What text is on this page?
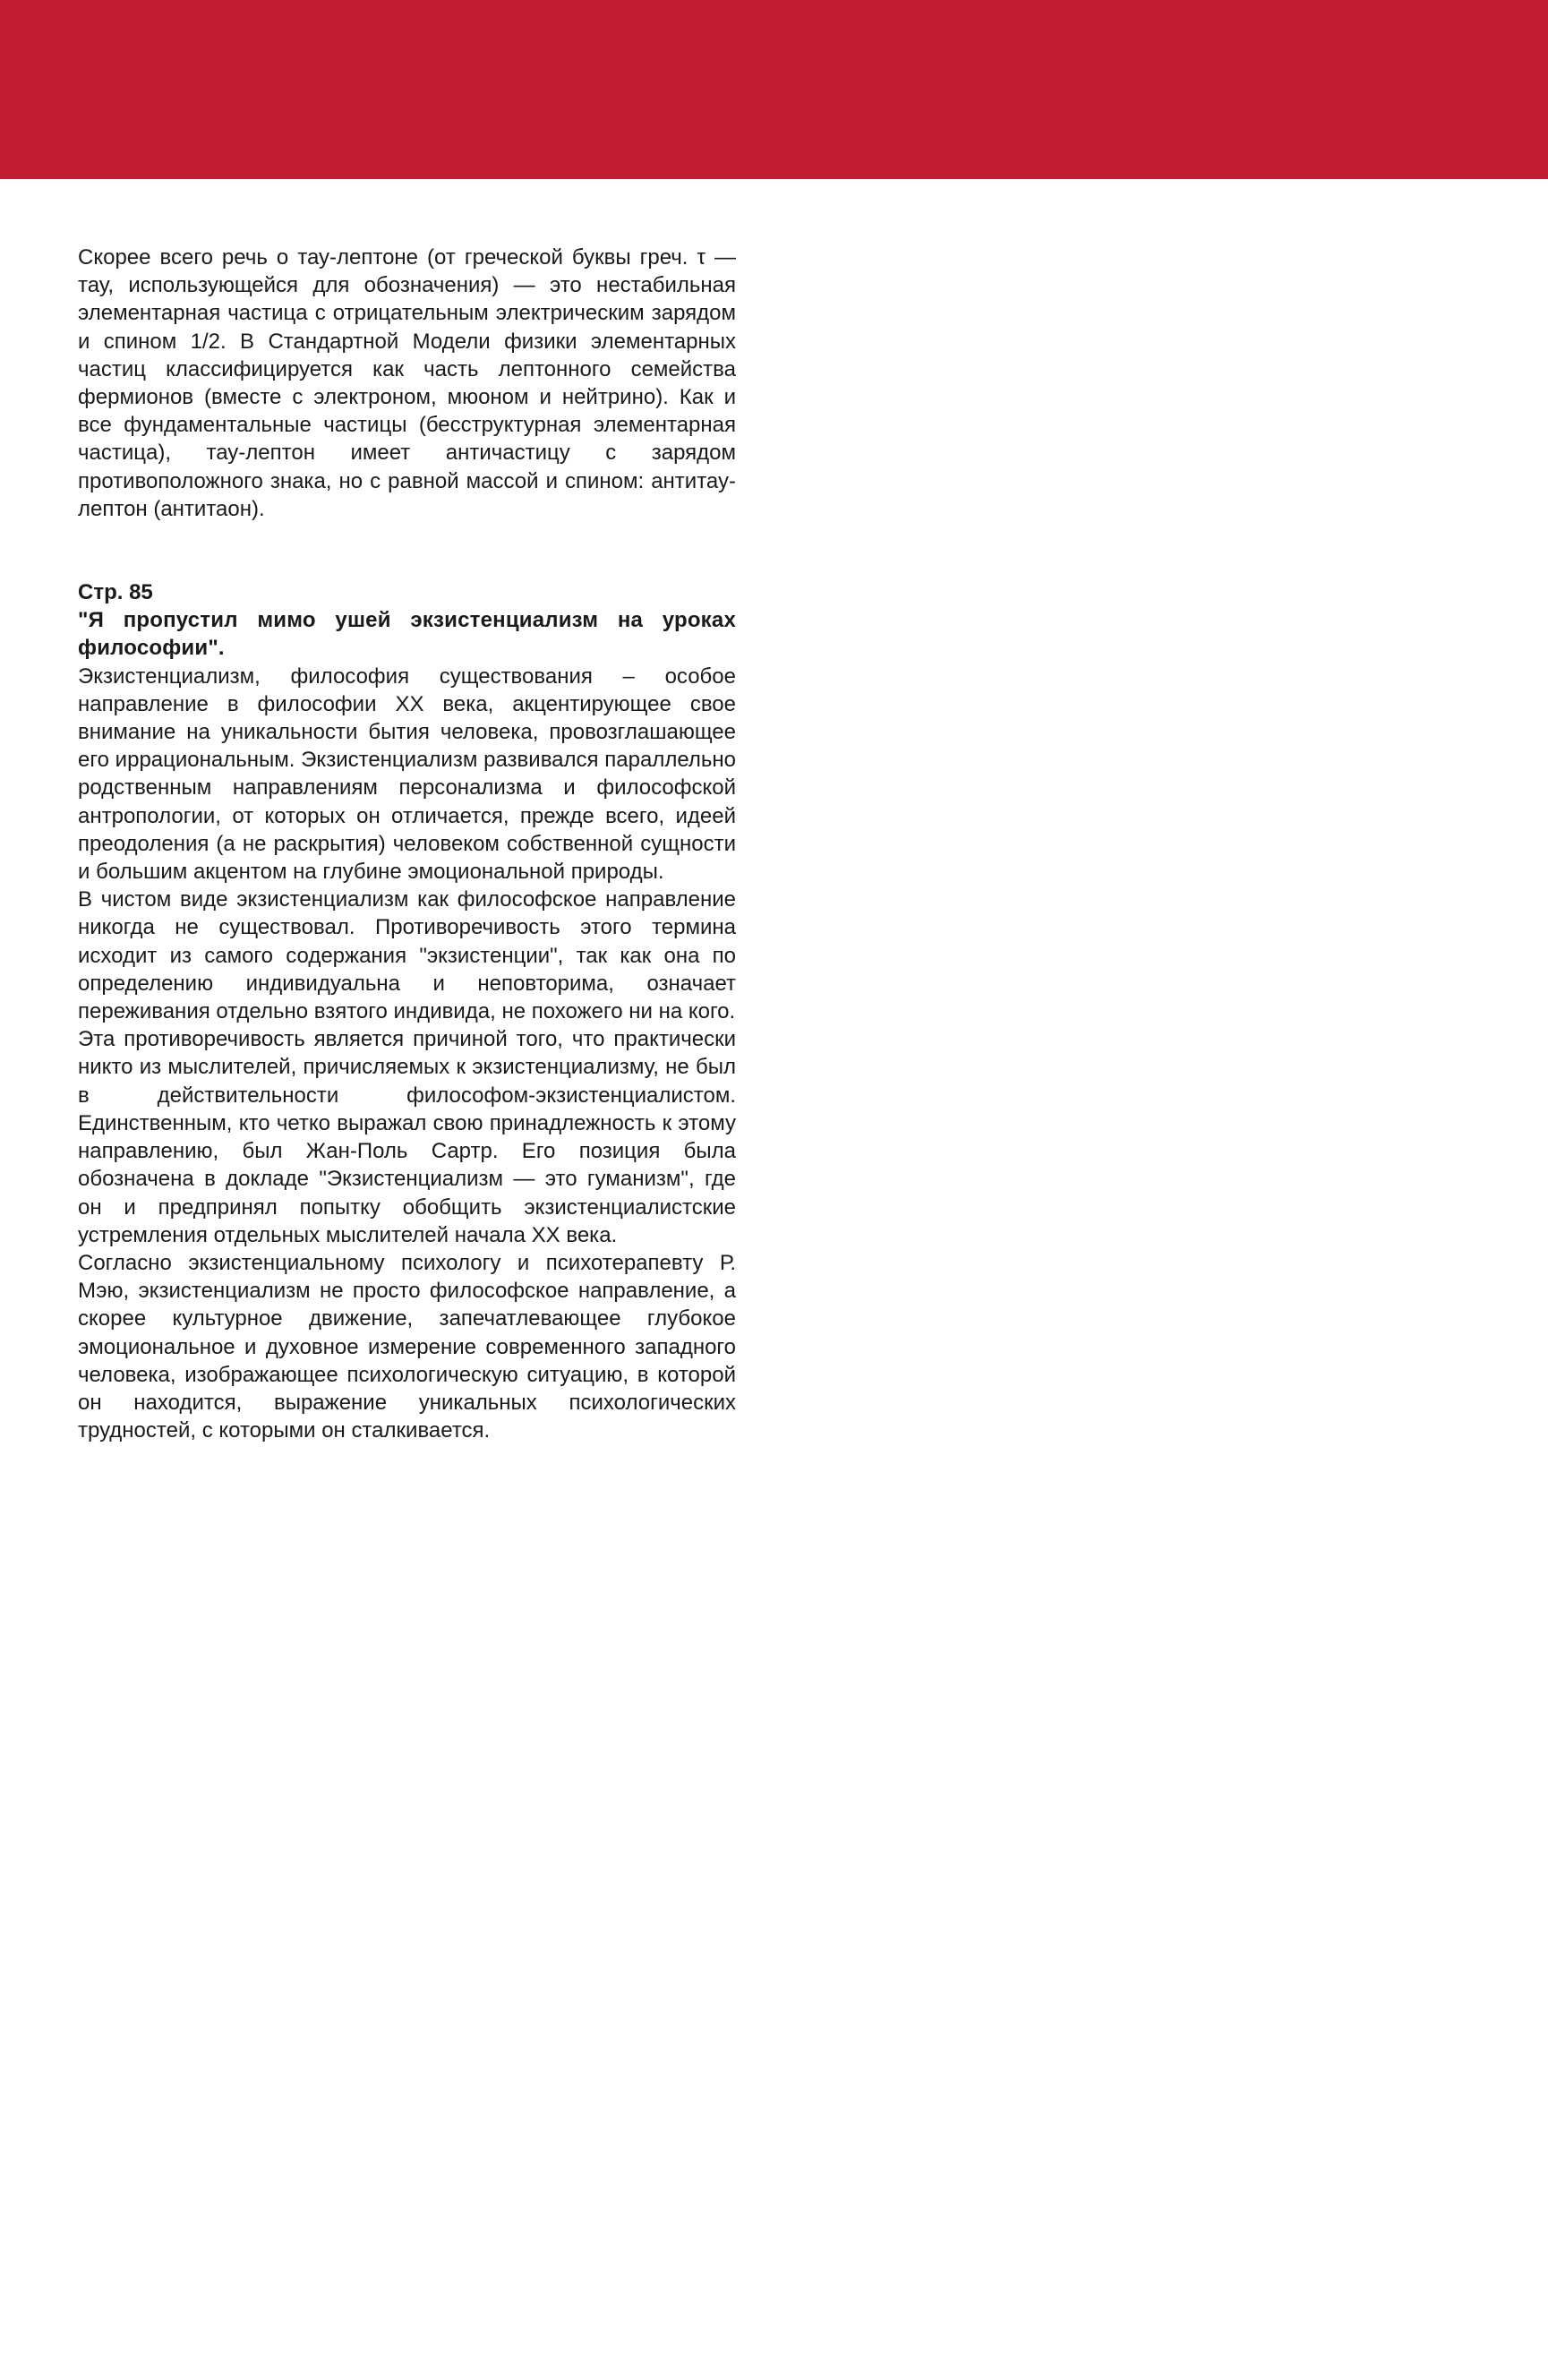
Скорее всего речь о тау-лептоне (от греческой буквы греч. τ — тау, использующейся для обозначения) — это нестабильная элементарная частица с отрицательным электрическим зарядом и спином 1/2. В Стандартной Модели физики элементарных частиц классифицируется как часть лептонного семейства фермионов (вместе с электроном, мюоном и нейтрино). Как и все фундаментальные частицы (бесструктурная элементарная частица), тау-лептон имеет античастицу с зарядом противоположного знака, но с равной массой и спином: антитау-лептон (антитаон).

Стр. 85

"Я пропустил мимо ушей экзистенциализм на уроках философии".

Экзистенциализм, философия существования – особое направление в философии XX века, акцентирующее свое внимание на уникальности бытия человека, провозглашающее его иррациональным. Экзистенциализм развивался параллельно родственным направлениям персонализма и философской антропологии, от которых он отличается, прежде всего, идеей преодоления (а не раскрытия) человеком собственной сущности и большим акцентом на глубине эмоциональной природы.

В чистом виде экзистенциализм как философское направление никогда не существовал. Противоречивость этого термина исходит из самого содержания "экзистенции", так как она по определению индивидуальна и неповторима, означает переживания отдельно взятого индивида, не похожего ни на кого.

Эта противоречивость является причиной того, что практически никто из мыслителей, причисляемых к экзистенциализму, не был в действительности философом-экзистенциалистом. Единственным, кто четко выражал свою принадлежность к этому направлению, был Жан-Поль Сартр. Его позиция была обозначена в докладе "Экзистенциализм — это гуманизм", где он и предпринял попытку обобщить экзистенциалистские устремления отдельных мыслителей начала XX века.

Согласно экзистенциальному психологу и психотерапевту Р. Мэю, экзистенциализм не просто философское направление, а скорее культурное движение, запечатлевающее глубокое эмоциональное и духовное измерение современного западного человека, изображающее психологическую ситуацию, в которой он находится, выражение уникальных психологических трудностей, с которыми он сталкивается.
